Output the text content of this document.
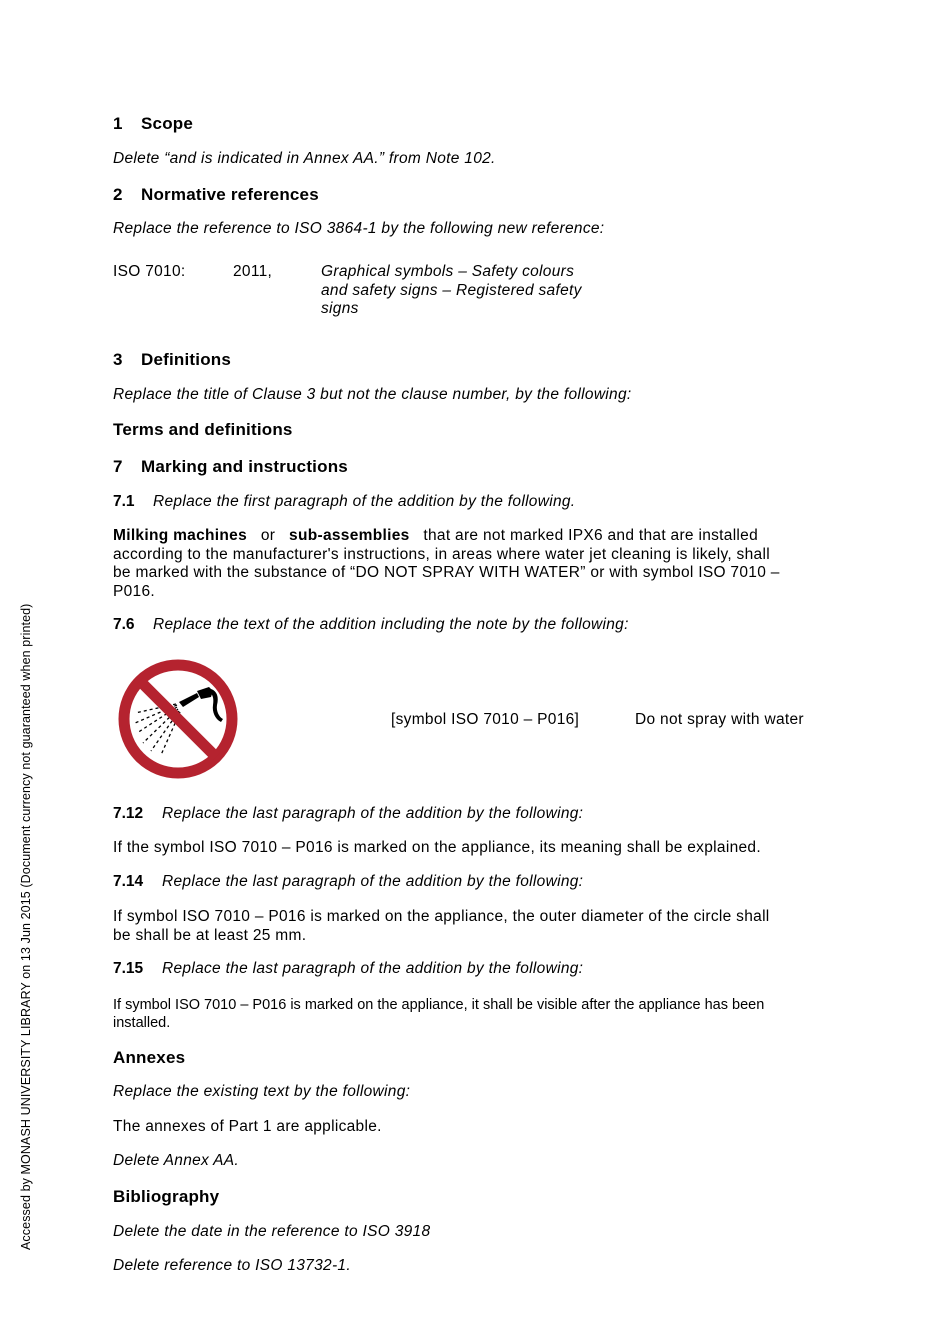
Accessed by MONASH UNIVERSITY LIBRARY on 13 Jun 2015 (Document currency not guaranteed when printed)
1 Scope
Delete “and is indicated in Annex AA.” from Note 102.
2 Normative references
Replace the reference to ISO 3864-1 by the following new reference:
ISO 7010:	2011,	Graphical symbols – Safety colours
and safety signs – Registered safety
signs
3 Definitions
Replace the title of Clause 3 but not the clause number, by the following:
Terms and definitions
7 Marking and instructions
7.1 Replace the first paragraph of the addition by the following.
Milking machines or sub-assemblies that are not marked IPX6 and that are installed
according to the manufacturer's instructions, in areas where water jet cleaning is likely, shall
be marked with the substance of “DO NOT SPRAY WITH WATER” or with symbol ISO 7010 –
P016.
7.6 Replace the text of the addition including the note by the following:
[symbol ISO 7010 – P016]	Do not spray with water
7.12 Replace the last paragraph of the addition by the following:
If the symbol ISO 7010 – P016 is marked on the appliance, its meaning shall be explained.
7.14 Replace the last paragraph of the addition by the following:
If symbol ISO 7010 – P016 is marked on the appliance, the outer diameter of the circle shall
be shall be at least 25 mm.
7.15 Replace the last paragraph of the addition by the following:
If symbol ISO 7010 – P016 is marked on the appliance, it shall be visible after the appliance has been
installed.
Annexes
Replace the existing text by the following:
The annexes of Part 1 are applicable.
Delete Annex AA.
Bibliography
Delete the date in the reference to ISO 3918
Delete reference to ISO 13732-1.
